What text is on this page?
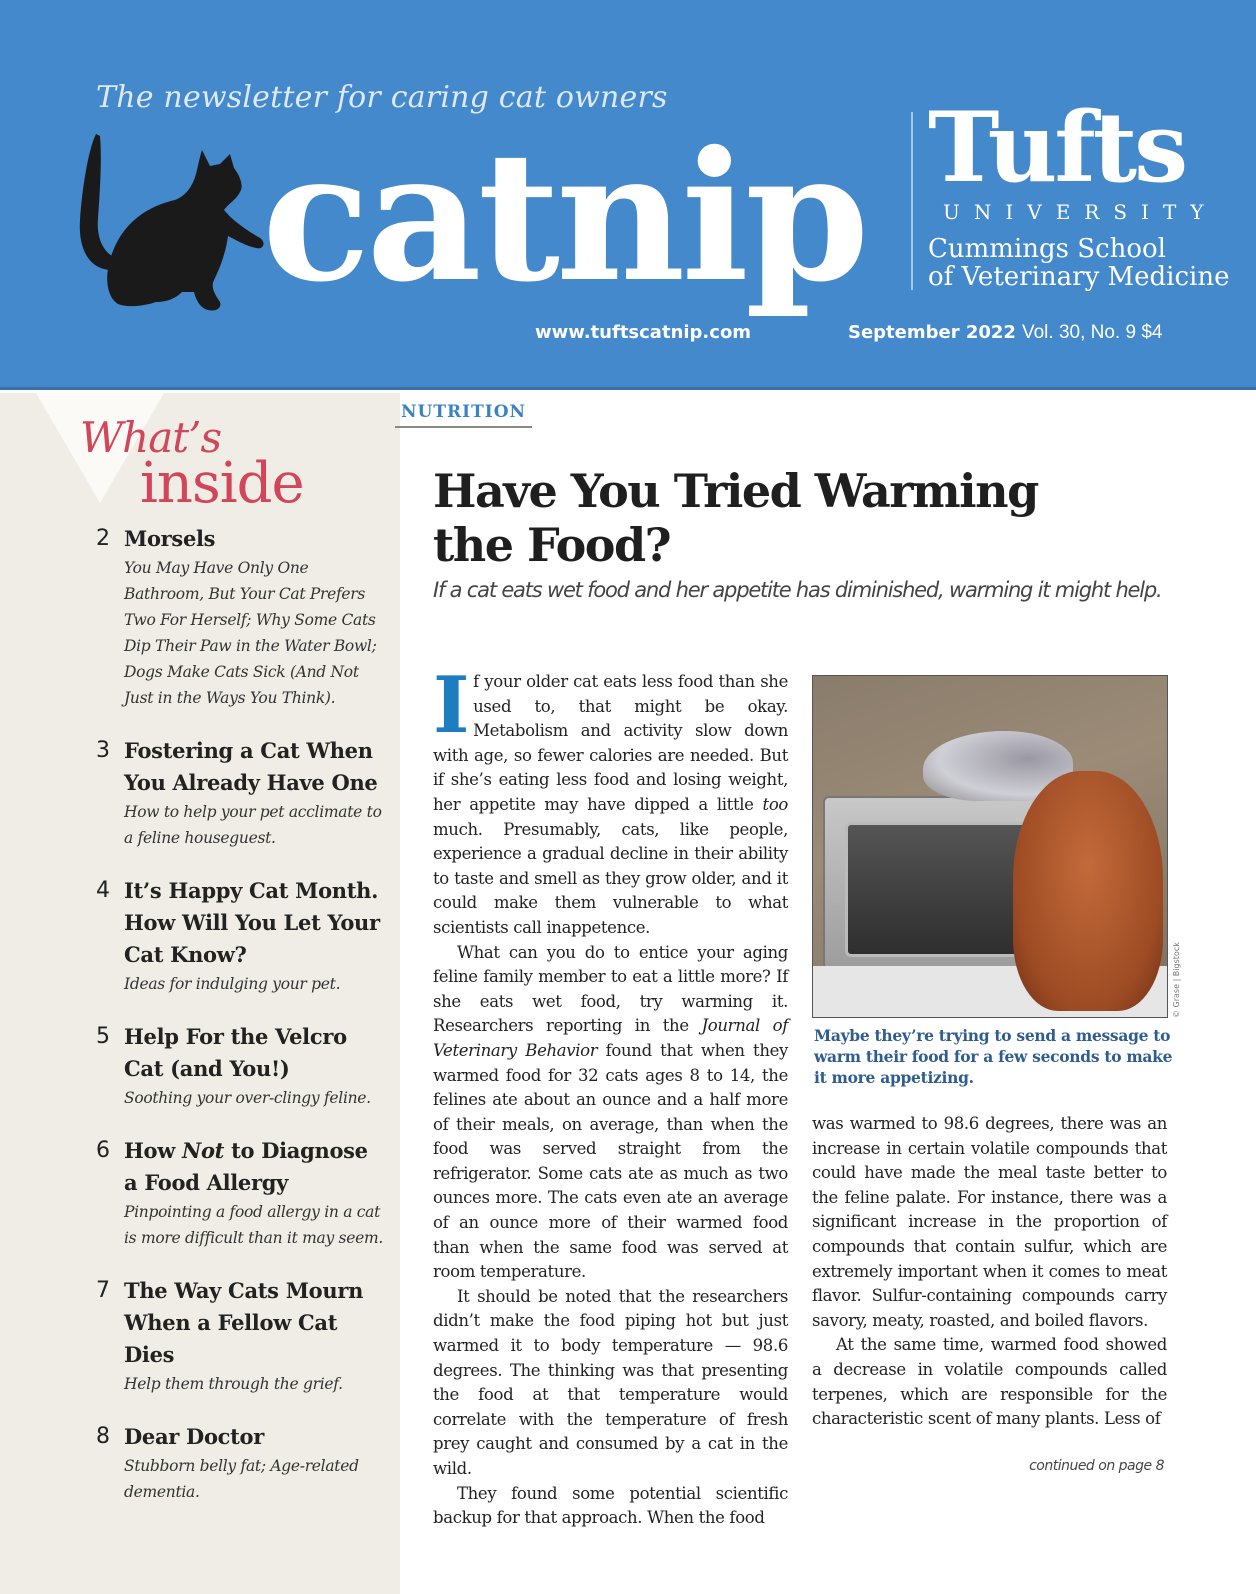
The newsletter for caring cat owners
catnip
www.tuftscatnip.com	September 2022 Vol. 30, No. 9 $4
Tufts
UNIVERSITY
Cummings School
of Veterinary Medicine
What’s
inside
2 Morsels
You May Have Only One Bathroom, But Your Cat Prefers Two For Herself; Why Some Cats Dip Their Paw in the Water Bowl; Dogs Make Cats Sick (And Not Just in the Ways You Think).
3 Fostering a Cat When You Already Have One
How to help your pet acclimate to a feline houseguest.
4 It’s Happy Cat Month. How Will You Let Your Cat Know?
Ideas for indulging your pet.
5 Help For the Velcro Cat (and You!)
Soothing your over-clingy feline.
6 How Not to Diagnose a Food Allergy
Pinpointing a food allergy in a cat is more difficult than it may seem.
7 The Way Cats Mourn When a Fellow Cat Dies
Help them through the grief.
8 Dear Doctor
Stubborn belly fat; Age-related dementia.
NUTRITION
Have You Tried Warming the Food?
If a cat eats wet food and her appetite has diminished, warming it might help.

If your older cat eats less food than she used to, that might be okay. Metabolism and activity slow down with age, so fewer calories are needed. But if she’s eating less food and losing weight, her appetite may have dipped a little too much. Presumably, cats, like people, experience a gradual decline in their ability to taste and smell as they grow older, and it could make them vulnerable to what scientists call inappetence.

What can you do to entice your aging feline family member to eat a little more? If she eats wet food, try warming it. Researchers reporting in the Journal of Veterinary Behavior found that when they warmed food for 32 cats ages 8 to 14, the felines ate about an ounce and a half more of their meals, on average, than when the food was served straight from the refrigerator. Some cats ate as much as two ounces more. The cats even ate an average of an ounce more of their warmed food than when the same food was served at room temperature.

It should be noted that the researchers didn’t make the food piping hot but just warmed it to body temperature — 98.6 degrees. The thinking was that presenting the food at that temperature would correlate with the temperature of fresh prey caught and consumed by a cat in the wild.

They found some potential scientific backup for that approach. When the food

© Grase | Bigstock
Maybe they’re trying to send a message to warm their food for a few seconds to make it more appetizing.

was warmed to 98.6 degrees, there was an increase in certain volatile compounds that could have made the meal taste better to the feline palate. For instance, there was a significant increase in the proportion of compounds that contain sulfur, which are extremely important when it comes to meat flavor. Sulfur-containing compounds carry savory, meaty, roasted, and boiled flavors.

At the same time, warmed food showed a decrease in volatile compounds called terpenes, which are responsible for the characteristic scent of many plants. Less of

continued on page 8
